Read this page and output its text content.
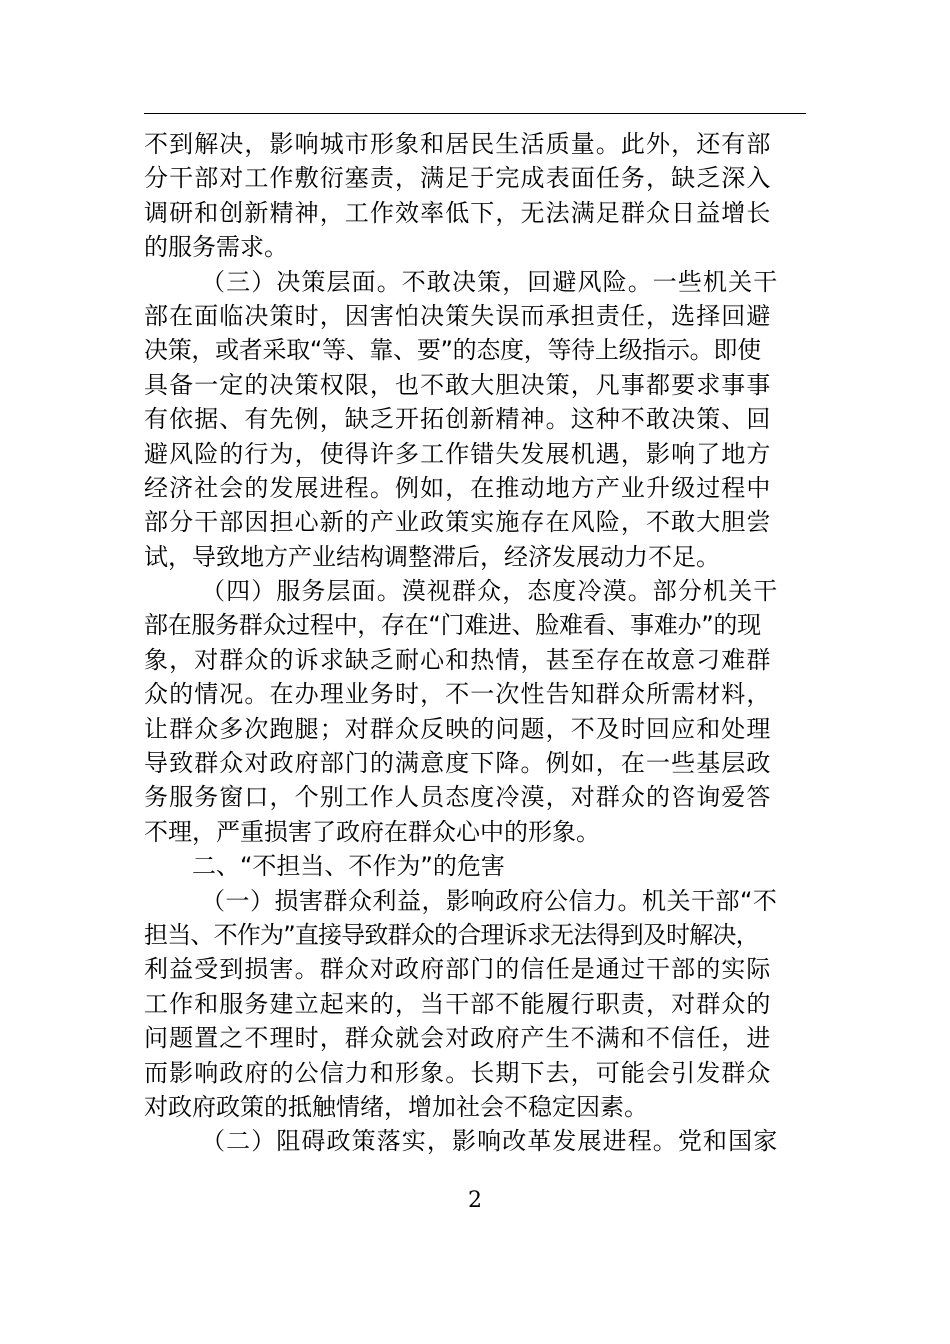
不到解决，影响城市形象和居民生活质量。此外，还有部
分干部对工作敷衍塞责，满足于完成表面任务，缺乏深入
调研和创新精神，工作效率低下，无法满足群众日益增长
的服务需求。
（三）决策层面。不敢决策，回避风险。一些机关干
部在面临决策时，因害怕决策失误而承担责任，选择回避
决策，或者采取“等、靠、要”的态度，等待上级指示。即使
具备一定的决策权限，也不敢大胆决策，凡事都要求事事
有依据、有先例，缺乏开拓创新精神。这种不敢决策、回
避风险的行为，使得许多工作错失发展机遇，影响了地方
经济社会的发展进程。例如，在推动地方产业升级过程中
部分干部因担心新的产业政策实施存在风险，不敢大胆尝
试，导致地方产业结构调整滞后，经济发展动力不足。
（四）服务层面。漠视群众，态度冷漠。部分机关干
部在服务群众过程中，存在“门难进、脸难看、事难办”的现
象，对群众的诉求缺乏耐心和热情，甚至存在故意刁难群
众的情况。在办理业务时，不一次性告知群众所需材料，
让群众多次跑腿；对群众反映的问题，不及时回应和处理
导致群众对政府部门的满意度下降。例如，在一些基层政
务服务窗口，个别工作人员态度冷漠，对群众的咨询爱答
不理，严重损害了政府在群众心中的形象。
二、“不担当、不作为”的危害
（一）损害群众利益，影响政府公信力。机关干部“不
担当、不作为”直接导致群众的合理诉求无法得到及时解决，
利益受到损害。群众对政府部门的信任是通过干部的实际
工作和服务建立起来的，当干部不能履行职责，对群众的
问题置之不理时，群众就会对政府产生不满和不信任，进
而影响政府的公信力和形象。长期下去，可能会引发群众
对政府政策的抵触情绪，增加社会不稳定因素。
（二）阻碍政策落实，影响改革发展进程。党和国家
2
